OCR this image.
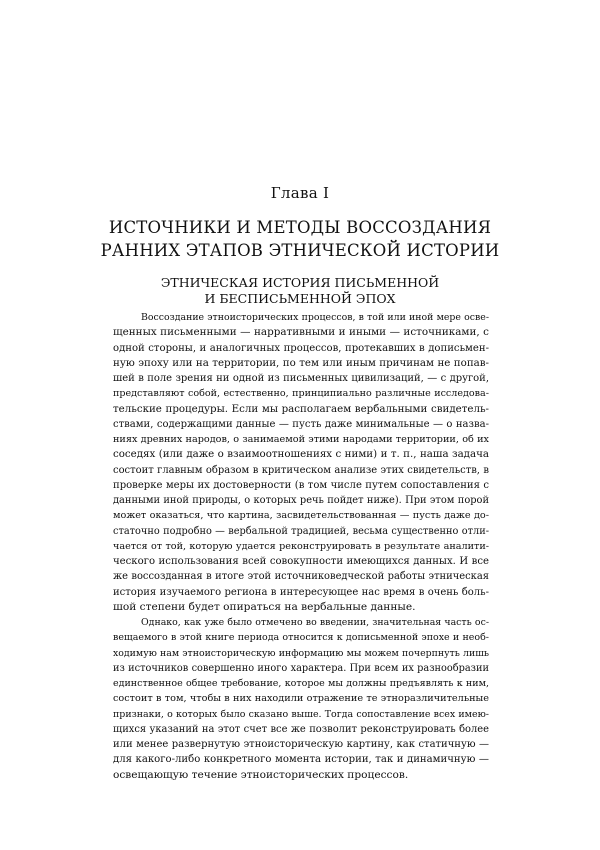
Глава I
ИСТОЧНИКИ И МЕТОДЫ ВОССОЗДАНИЯ
РАННИХ ЭТАПОВ ЭТНИЧЕСКОЙ ИСТОРИИ
ЭТНИЧЕСКАЯ ИСТОРИЯ ПИСЬМЕННОЙ
И БЕСПИСЬМЕННОЙ ЭПОХ
Воссоздание этноисторических процессов, в той или иной мере осве-
щенных письменными — нарративными и иными — источниками, с
одной стороны, и аналогичных процессов, протекавших в дописьмен-
ную эпоху или на территории, по тем или иным причинам не попав-
шей в поле зрения ни одной из письменных цивилизаций, — с другой,
представляют собой, естественно, принципиально различные исследова-
тельские процедуры. Если мы располагаем вербальными свидетель-
ствами, содержащими данные — пусть даже минимальные — о назва-
ниях древних народов, о занимаемой этими народами территории, об их
соседях (или даже о взаимоотношениях с ними) и т. п., наша задача
состоит главным образом в критическом анализе этих свидетельств, в
проверке меры их достоверности (в том числе путем сопоставления с
данными иной природы, о которых речь пойдет ниже). При этом порой
может оказаться, что картина, засвидетельствованная — пусть даже до-
статочно подробно — вербальной традицией, весьма существенно отли-
чается от той, которую удается реконструировать в результате аналити-
ческого использования всей совокупности имеющихся данных. И все
же воссозданная в итоге этой источниковедческой работы этническая
история изучаемого региона в интересующее нас время в очень боль-
шой степени будет опираться на вербальные данные.
Однако, как уже было отмечено во введении, значительная часть ос-
вещаемого в этой книге периода относится к дописьменной эпохе и необ-
ходимую нам этноисторическую информацию мы можем почерпнуть лишь
из источников совершенно иного характера. При всем их разнообразии
единственное общее требование, которое мы должны предъявлять к ним,
состоит в том, чтобы в них находили отражение те этноразличительные
признаки, о которых было сказано выше. Тогда сопоставление всех имею-
щихся указаний на этот счет все же позволит реконструировать более
или менее развернутую этноисторическую картину, как статичную —
для какого-либо конкретного момента истории, так и динамичную —
освещающую течение этноисторических процессов.
